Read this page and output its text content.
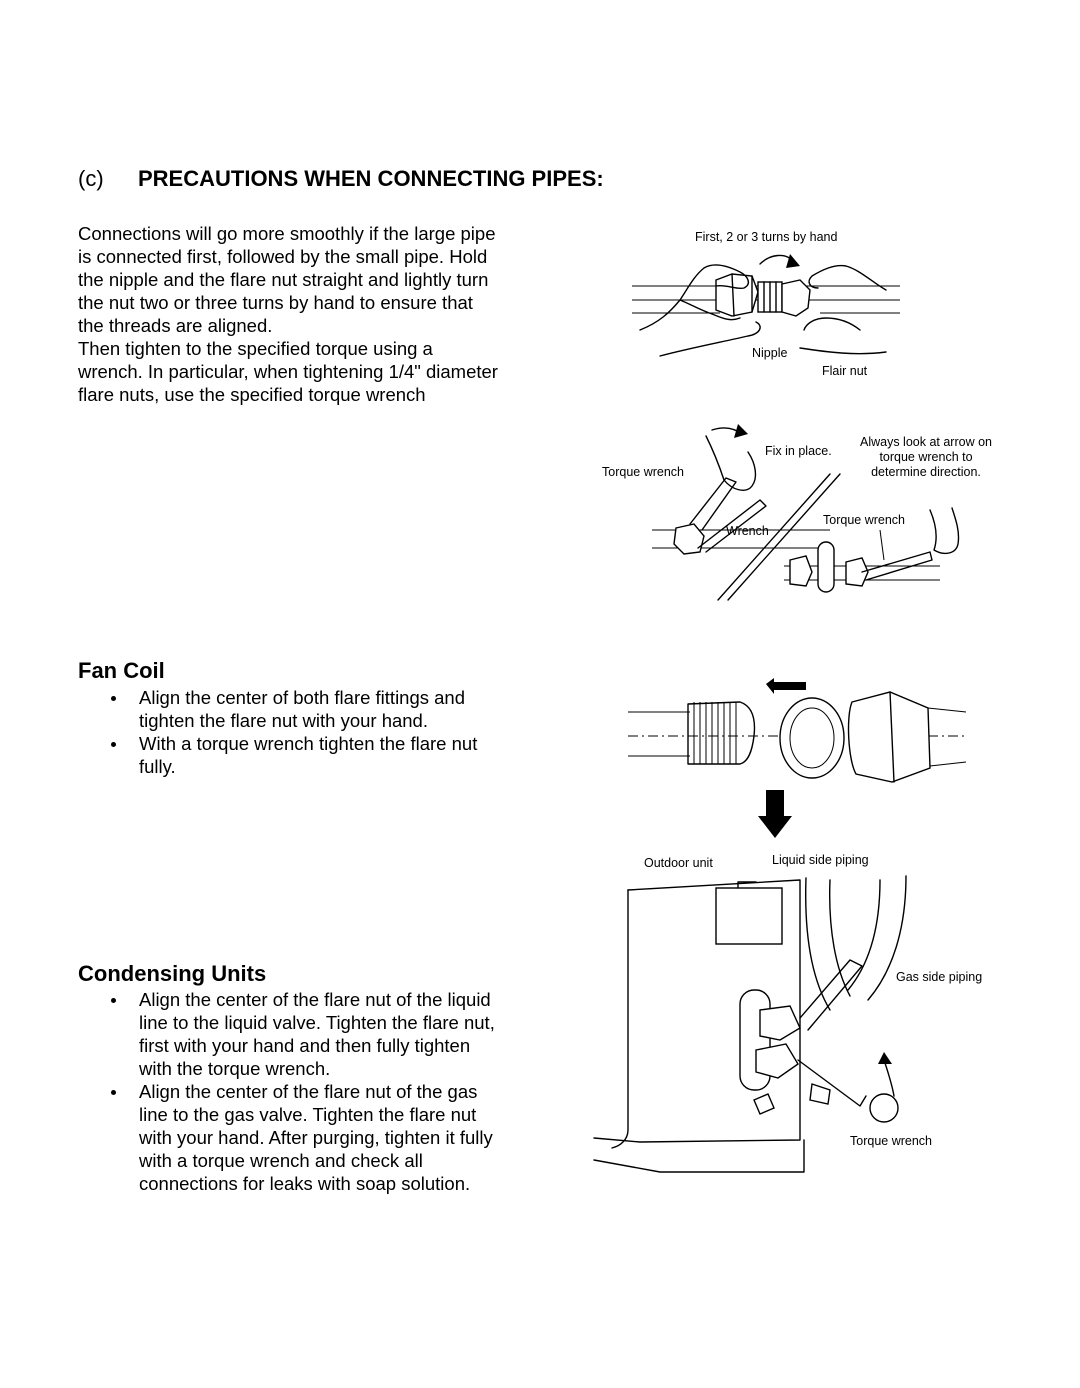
(c) PRECAUTIONS WHEN CONNECTING PIPES:

Connections will go more smoothly if the large pipe is connected first, followed by the small pipe. Hold the nipple and the flare nut straight and lightly turn the nut two or three turns by hand to ensure that the threads are aligned.

Then tighten to the specified torque using a wrench. In particular, when tightening 1/4" diameter flare nuts, use the specified torque wrench

Fan Coil
Align the center of both flare fittings and tighten the flare nut with your hand.
With a torque wrench tighten the flare nut fully.
Condensing Units
Align the center of the flare nut of the liquid line to the liquid valve. Tighten the flare nut, first with your hand and then fully tighten with the torque wrench.
Align the center of the flare nut of the gas line to the gas valve. Tighten the flare nut with your hand. After purging, tighten it fully with a torque wrench and check all connections for leaks with soap solution.
First, 2 or 3 turns by hand
Nipple
Flair nut
Torque wrench
Fix in place.
Always look at arrow on
torque wrench to
determine direction.
Wrench
Torque wrench
Outdoor unit	Liquid side piping
Gas side piping
Torque wrench
